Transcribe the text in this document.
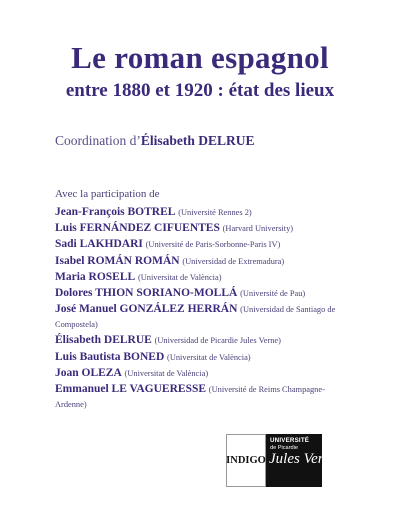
Le roman espagnol
entre 1880 et 1920 : état des lieux
Coordination d’Élisabeth DELRUE
Avec la participation de
Jean-François BOTREL (Université Rennes 2)
Luis FERNÁNDEZ CIFUENTES (Harvard University)
Sadi LAKHDARI (Université de Paris-Sorbonne-Paris IV)
Isabel ROMÁN ROMÁN (Universidad de Extremadura)
Maria ROSELL (Universitat de València)
Dolores THION SORIANO-MOLLÁ (Université de Pau)
José Manuel GONZÁLEZ HERRÁN (Universidad de Santiago de Compostela)
Élisabeth DELRUE (Universidad de Picardie Jules Verne)
Luis Bautista BONED (Universitat de València)
Joan OLEZA (Universitat de València)
Emmanuel LE VAGUERESSE (Université de Reims Champagne-Ardenne)
INDIGO
UNIVERSITÉ
de Picardie
Jules Verne
